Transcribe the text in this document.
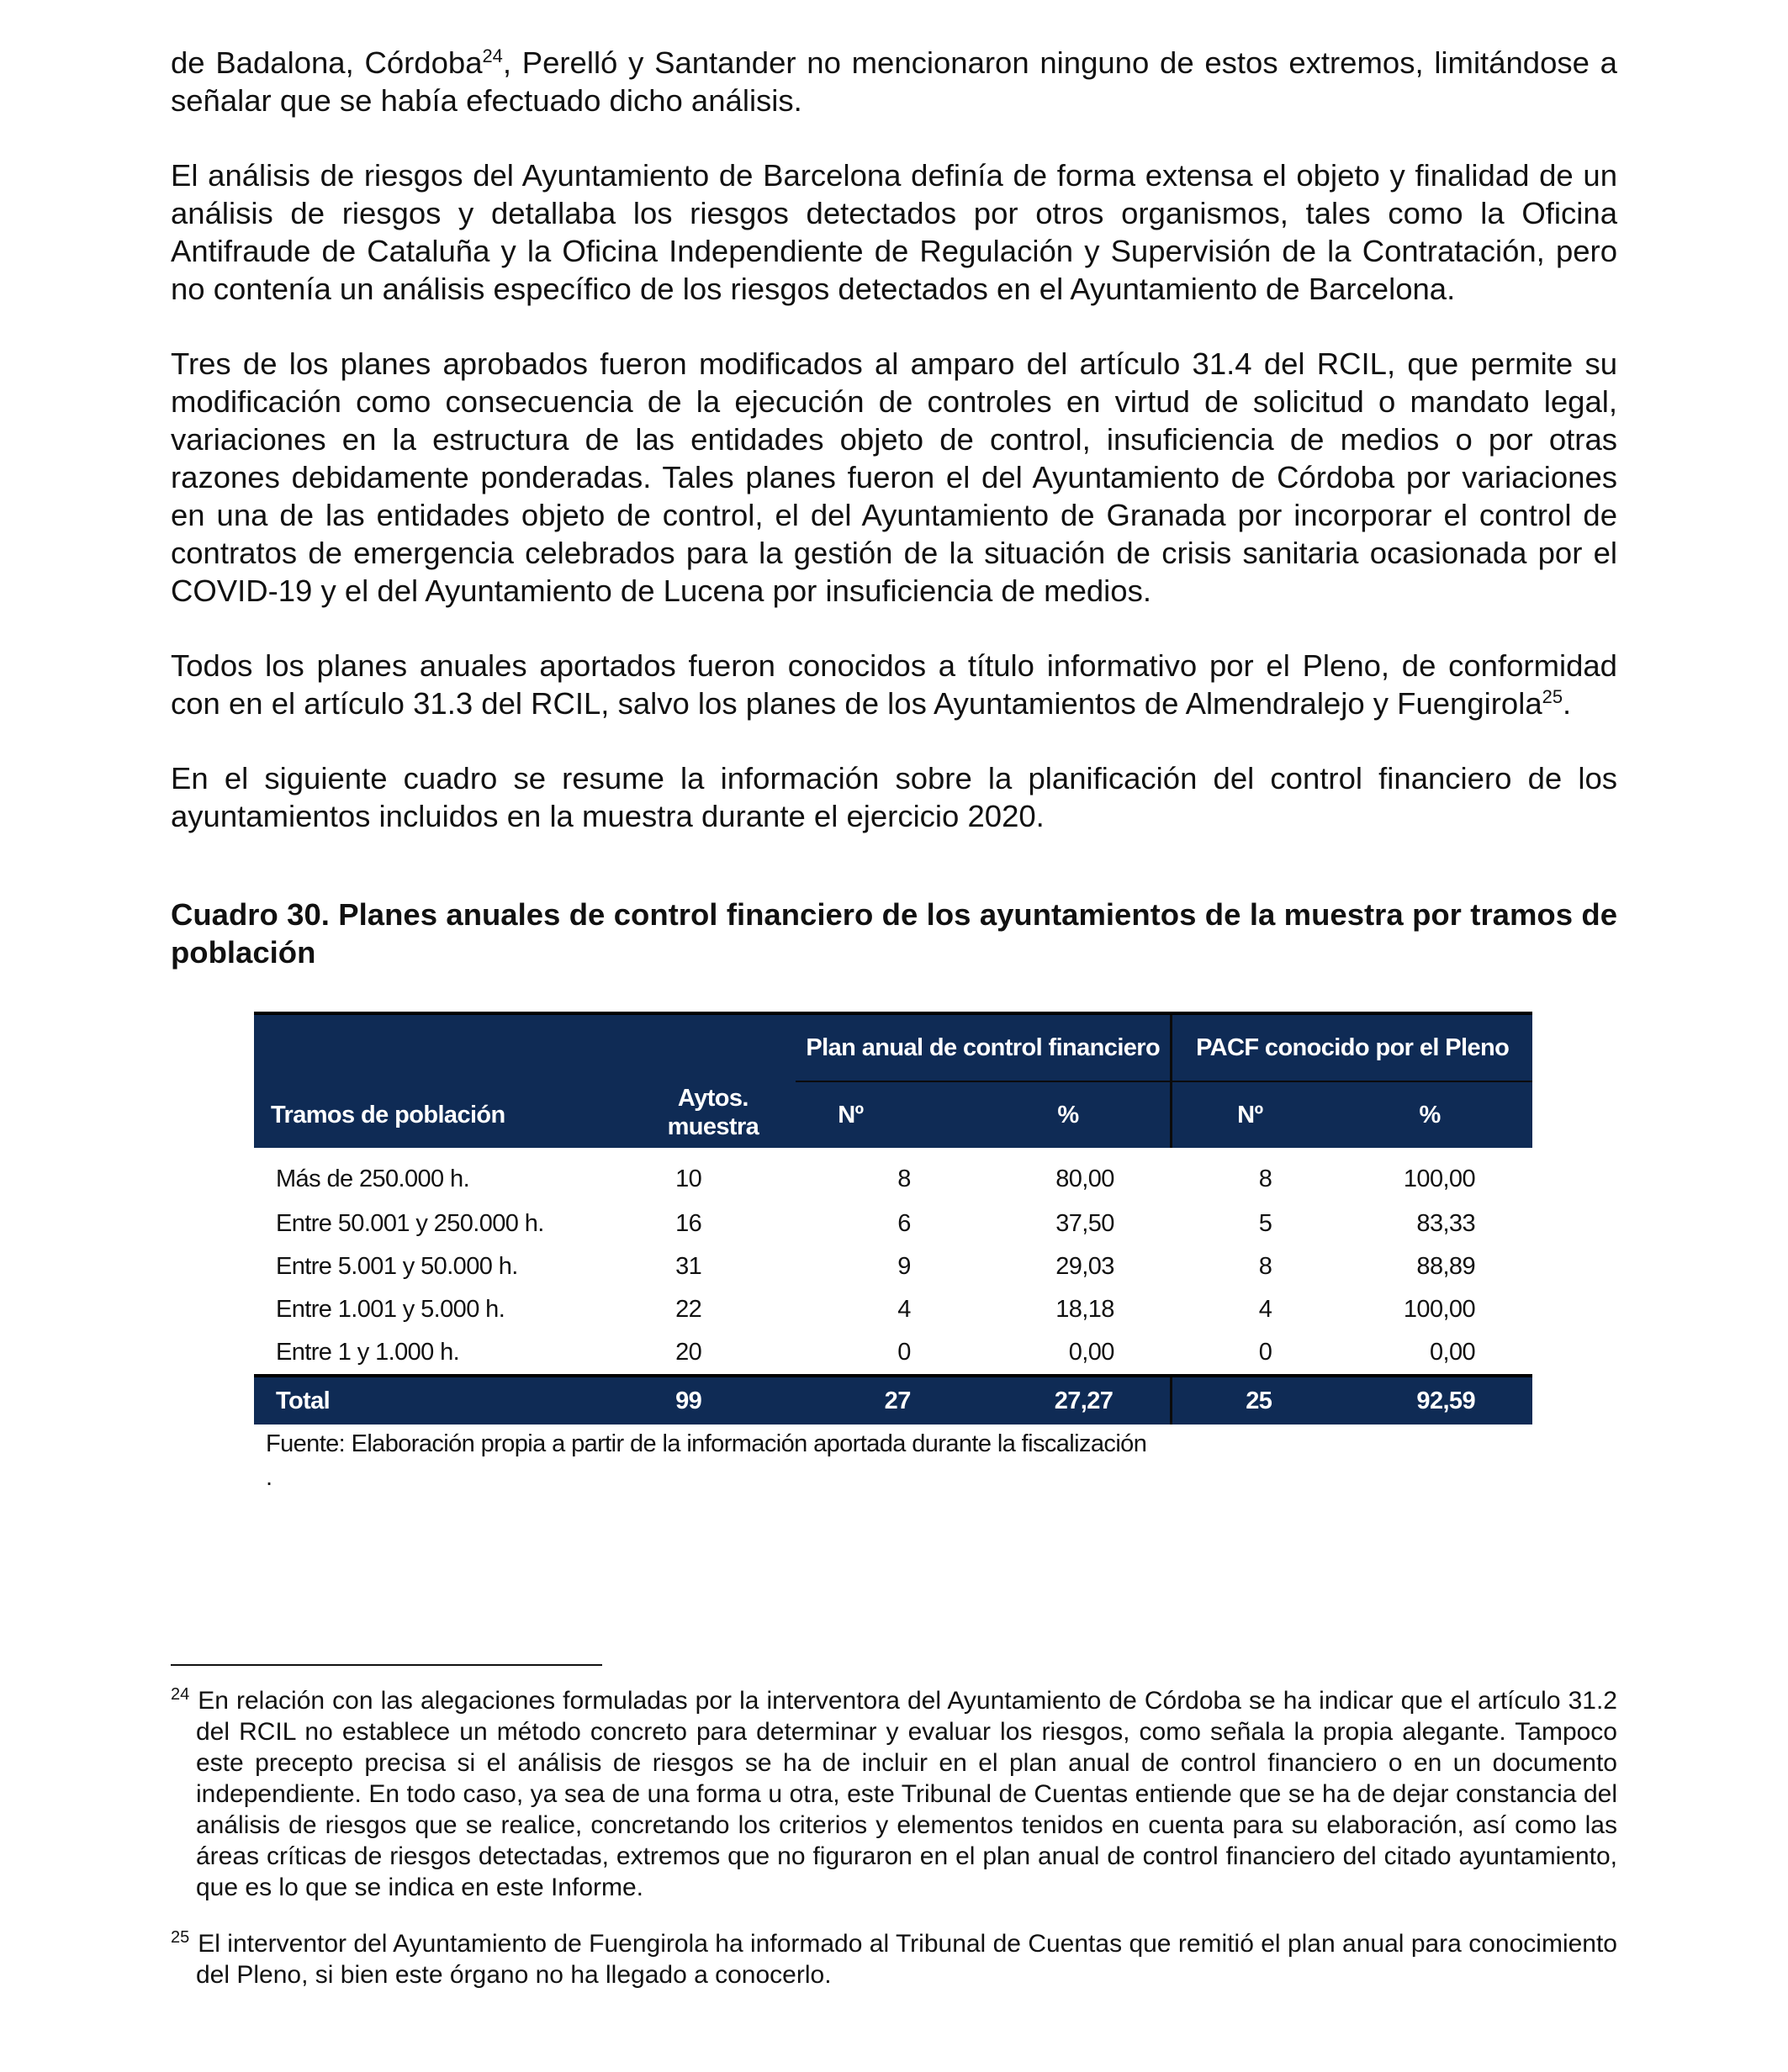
de Badalona, Córdoba$^{24}$, Perelló y Santander no mencionaron ninguno de estos extremos, limitándose a señalar que se había efectuado dicho análisis.

El análisis de riesgos del Ayuntamiento de Barcelona definía de forma extensa el objeto y finalidad de un análisis de riesgos y detallaba los riesgos detectados por otros organismos, tales como la Oficina Antifraude de Cataluña y la Oficina Independiente de Regulación y Supervisión de la Contratación, pero no contenía un análisis específico de los riesgos detectados en el Ayuntamiento de Barcelona.

Tres de los planes aprobados fueron modificados al amparo del artículo 31.4 del RCIL, que permite su modificación como consecuencia de la ejecución de controles en virtud de solicitud o mandato legal, variaciones en la estructura de las entidades objeto de control, insuficiencia de medios o por otras razones debidamente ponderadas. Tales planes fueron el del Ayuntamiento de Córdoba por variaciones en una de las entidades objeto de control, el del Ayuntamiento de Granada por incorporar el control de contratos de emergencia celebrados para la gestión de la situación de crisis sanitaria ocasionada por el COVID-19 y el del Ayuntamiento de Lucena por insuficiencia de medios.

Todos los planes anuales aportados fueron conocidos a título informativo por el Pleno, de conformidad con en el artículo 31.3 del RCIL, salvo los planes de los Ayuntamientos de Almendralejo y Fuengirola$^{25}$.

En el siguiente cuadro se resume la información sobre la planificación del control financiero de los ayuntamientos incluidos en la muestra durante el ejercicio 2020.

Cuadro 30. Planes anuales de control financiero de los ayuntamientos de la muestra por tramos de población
Tramos de población	Aytos. muestra	Plan anual de control financiero		PACF conocido por el Pleno	
		Nº	%	Nº	%
Más de 250.000 h.	10	8	80,00	8	100,00
Entre 50.001 y 250.000 h.	16	6	37,50	5	83,33
Entre 5.001 y 50.000 h.	31	9	29,03	8	88,89
Entre 1.001 y 5.000 h.	22	4	18,18	4	100,00
Entre 1 y 1.000 h.	20	0	0,00	0	0,00
Total	99	27	27,27	25	92,59
Fuente: Elaboración propia a partir de la información aportada durante la fiscalización
.

$^{24}$ En relación con las alegaciones formuladas por la interventora del Ayuntamiento de Córdoba se ha indicar que el artículo 31.2 del RCIL no establece un método concreto para determinar y evaluar los riesgos, como señala la propia alegante. Tampoco este precepto precisa si el análisis de riesgos se ha de incluir en el plan anual de control financiero o en un documento independiente. En todo caso, ya sea de una forma u otra, este Tribunal de Cuentas entiende que se ha de dejar constancia del análisis de riesgos que se realice, concretando los criterios y elementos tenidos en cuenta para su elaboración, así como las áreas críticas de riesgos detectadas, extremos que no figuraron en el plan anual de control financiero del citado ayuntamiento, que es lo que se indica en este Informe.

$^{25}$ El interventor del Ayuntamiento de Fuengirola ha informado al Tribunal de Cuentas que remitió el plan anual para conocimiento del Pleno, si bien este órgano no ha llegado a conocerlo.
